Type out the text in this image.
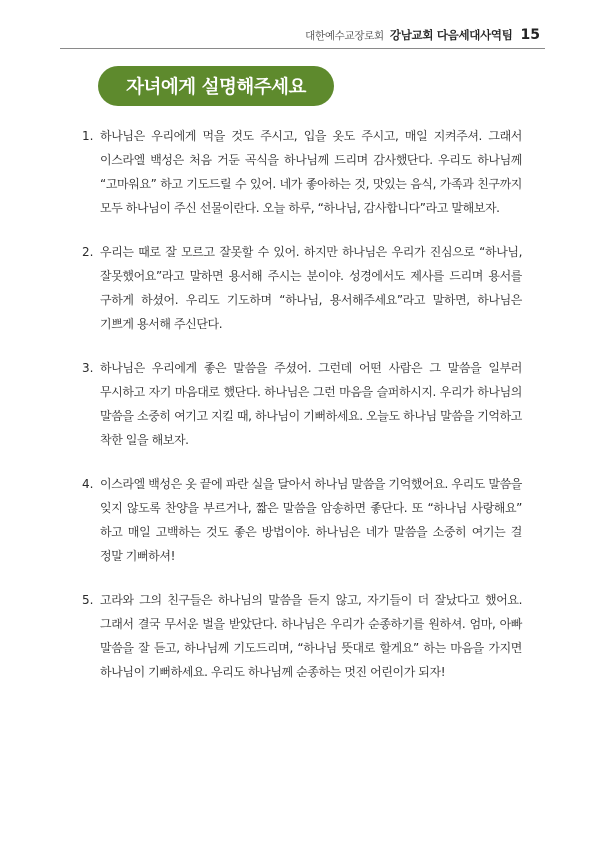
대한예수교장로회 강남교회 다음세대사역팀 15
자녀에게 설명해주세요
1. 하나님은 우리에게 먹을 것도 주시고, 입을 옷도 주시고, 매일 지켜주셔. 그래서 이스라엘 백성은 처음 거둔 곡식을 하나님께 드리며 감사했단다. 우리도 하나님께 “고마워요” 하고 기도드릴 수 있어. 네가 좋아하는 것, 맛있는 음식, 가족과 친구까지 모두 하나님이 주신 선물이란다. 오늘 하루, “하나님, 감사합니다”라고 말해보자.
2. 우리는 때로 잘 모르고 잘못할 수 있어. 하지만 하나님은 우리가 진심으로 “하나님, 잘못했어요”라고 말하면 용서해 주시는 분이야. 성경에서도 제사를 드리며 용서를 구하게 하셨어. 우리도 기도하며 “하나님, 용서해주세요”라고 말하면, 하나님은 기쁘게 용서해 주신단다.
3. 하나님은 우리에게 좋은 말씀을 주셨어. 그런데 어떤 사람은 그 말씀을 일부러 무시하고 자기 마음대로 했단다. 하나님은 그런 마음을 슬퍼하시지. 우리가 하나님의 말씀을 소중히 여기고 지킬 때, 하나님이 기뻐하세요. 오늘도 하나님 말씀을 기억하고 착한 일을 해보자.
4. 이스라엘 백성은 옷 끝에 파란 실을 달아서 하나님 말씀을 기억했어요. 우리도 말씀을 잊지 않도록 찬양을 부르거나, 짧은 말씀을 암송하면 좋단다. 또 “하나님 사랑해요” 하고 매일 고백하는 것도 좋은 방법이야. 하나님은 네가 말씀을 소중히 여기는 걸 정말 기뻐하셔!
5. 고라와 그의 친구들은 하나님의 말씀을 듣지 않고, 자기들이 더 잘났다고 했어요. 그래서 결국 무서운 벌을 받았단다. 하나님은 우리가 순종하기를 원하셔. 엄마, 아빠 말씀을 잘 듣고, 하나님께 기도드리며, “하나님 뜻대로 할게요” 하는 마음을 가지면 하나님이 기뻐하세요. 우리도 하나님께 순종하는 멋진 어린이가 되자!
